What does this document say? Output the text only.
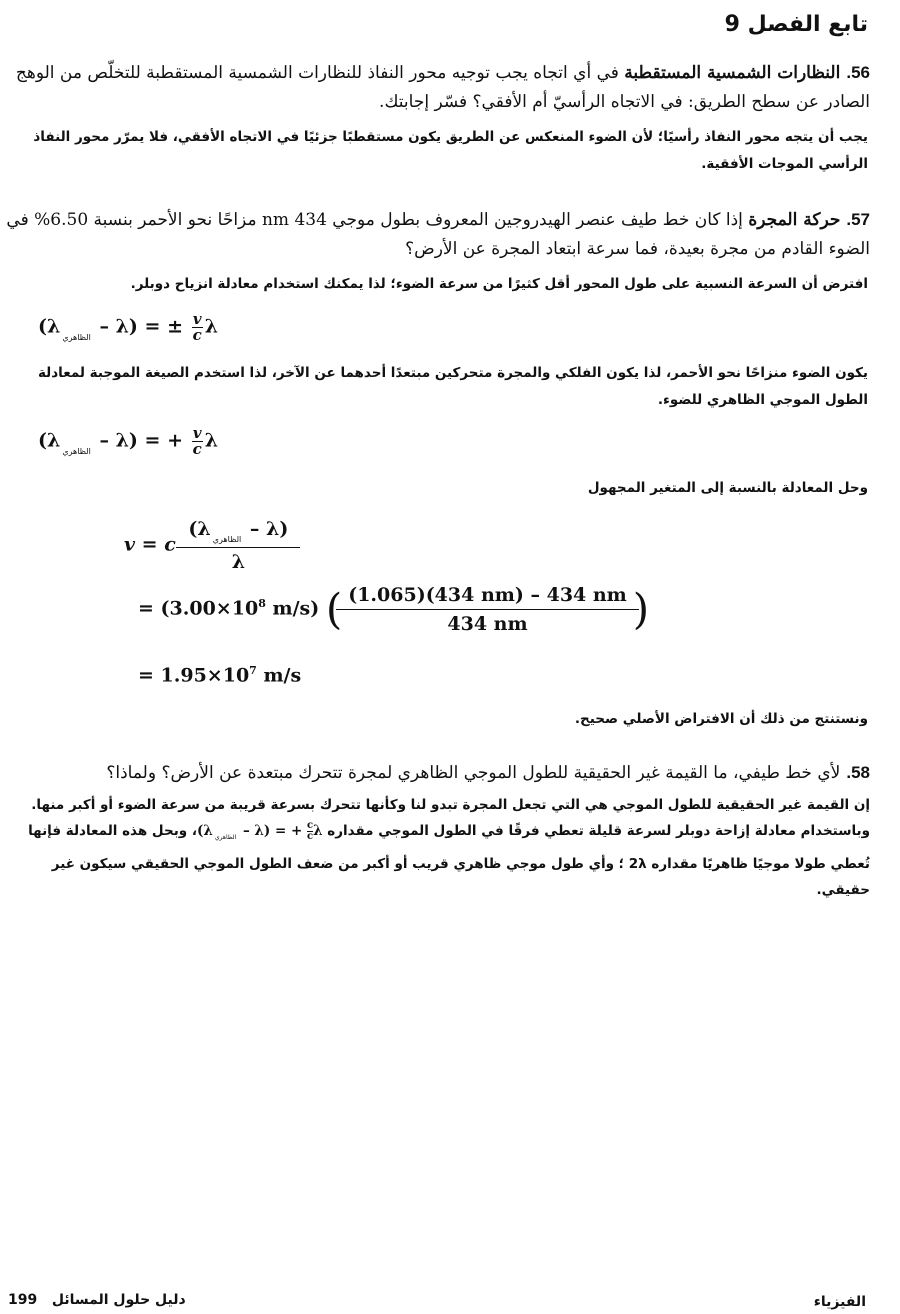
تابع الفصل 9
56.النظارات الشمسية المستقطبة في أي اتجاه يجب توجيه محور النفاذ للنظارات الشمسية المستقطبة للتخلّص من الوهج الصادر عن سطح الطريق: في الاتجاه الرأسيّ أم الأفقي؟ فسّر إجابتك.
يجب أن يتجه محور النفاذ رأسيًا؛ لأن الضوء المنعكس عن الطريق يكون مستقطبًا جزئيًا في الاتجاه الأفقي، فلا يمرّر محور النفاذ الرأسي الموجات الأفقية.
57.حركة المجرة إذا كان خط طيف عنصر الهيدروجين المعروف بطول موجي 434 nm مزاحًا نحو الأحمر بنسبة 6.50% في الضوء القادم من مجرة بعيدة، فما سرعة ابتعاد المجرة عن الأرض؟
افترض أن السرعة النسبية على طول المحور أقل كثيرًا من سرعة الضوء؛ لذا يمكنك استخدام معادلة انزياح دوبلر.
(λ $_{الظاهري}$ – λ) = ± $\frac{v}{c}$ λ
يكون الضوء منزاحًا نحو الأحمر، لذا يكون الفلكي والمجرة متحركين مبتعدًا أحدهما عن الآخر، لذا استخدم الصيغة الموجبة لمعادلة الطول الموجي الظاهري للضوء.
(λ $_{الظاهري}$ – λ) = + $\frac{v}{c}$ λ
وحل المعادلة بالنسبة إلى المتغير المجهول
v = c
(λ $_{الظاهري}$ – λ)
λ
= ($3.00\times 10^8$ m/s) ( $\frac{(1.065)(434 nm) - 434 nm}{434 nm}$ )
= $1.95\times 10^7$ m/s
ونستنتج من ذلك أن الافتراض الأصلي صحيح.
58.لأي خط طيفي، ما القيمة غير الحقيقية للطول الموجي الظاهري لمجرة تتحرك مبتعدة عن الأرض؟ ولماذا؟
إن القيمة غير الحقيقية للطول الموجي هي التي تجعل المجرة تبدو لنا وكأنها تتحرك بسرعة قريبة من سرعة الضوء أو أكبر منها.
وباستخدام معادلة إزاحة دوبلر لسرعة قليلة تعطي فرقًا في الطول الموجي مقداره (λ $_{الظاهري}$ – λ) = + $\frac{c}{c}$ λ، وبحل هذه المعادلة فإنها
تُعطي طولا موجيًا ظاهريًا مقداره 2λ ؛ وأي طول موجي ظاهري قريب أو أكبر من ضعف الطول الموجي الحقيقي سيكون غير حقيقي.
دليل حلول المسائل   199	الفيزياء
